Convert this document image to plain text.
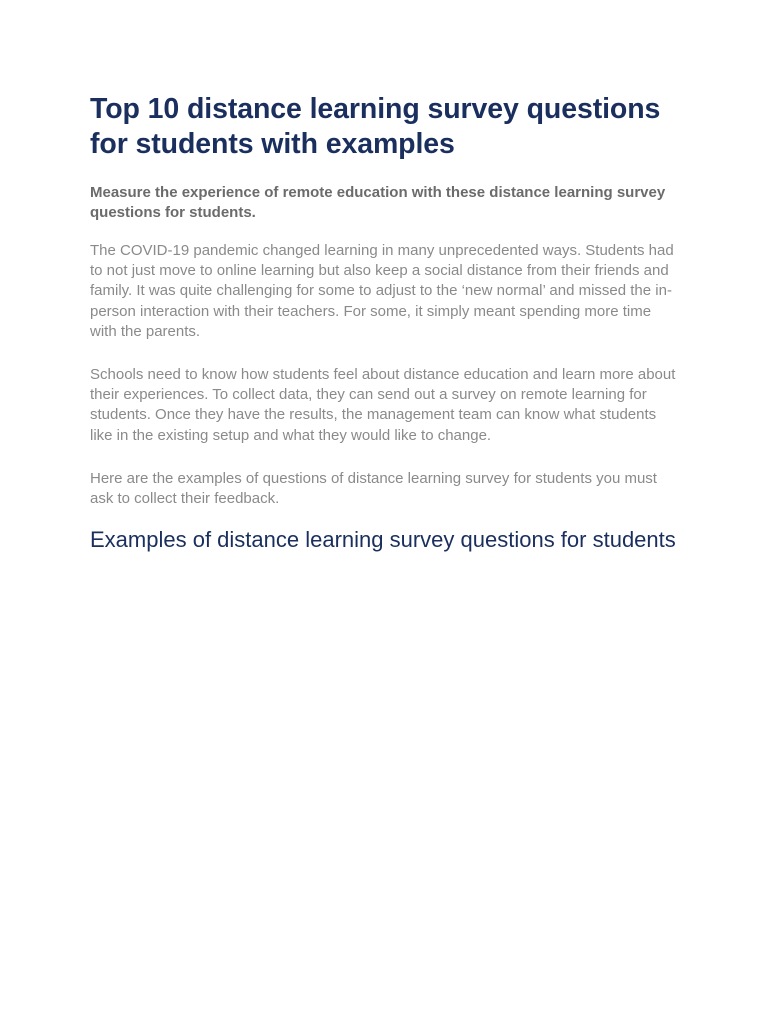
Top 10 distance learning survey questions for students with examples

Measure the experience of remote education with these distance learning survey questions for students.

The COVID-19 pandemic changed learning in many unprecedented ways. Students had to not just move to online learning but also keep a social distance from their friends and family. It was quite challenging for some to adjust to the ‘new normal’ and missed the in-person interaction with their teachers. For some, it simply meant spending more time with the parents.

Schools need to know how students feel about distance education and learn more about their experiences. To collect data, they can send out a survey on remote learning for students. Once they have the results, the management team can know what students like in the existing setup and what they would like to change.

Here are the examples of questions of distance learning survey for students you must ask to collect their feedback.

Examples of distance learning survey questions for students
